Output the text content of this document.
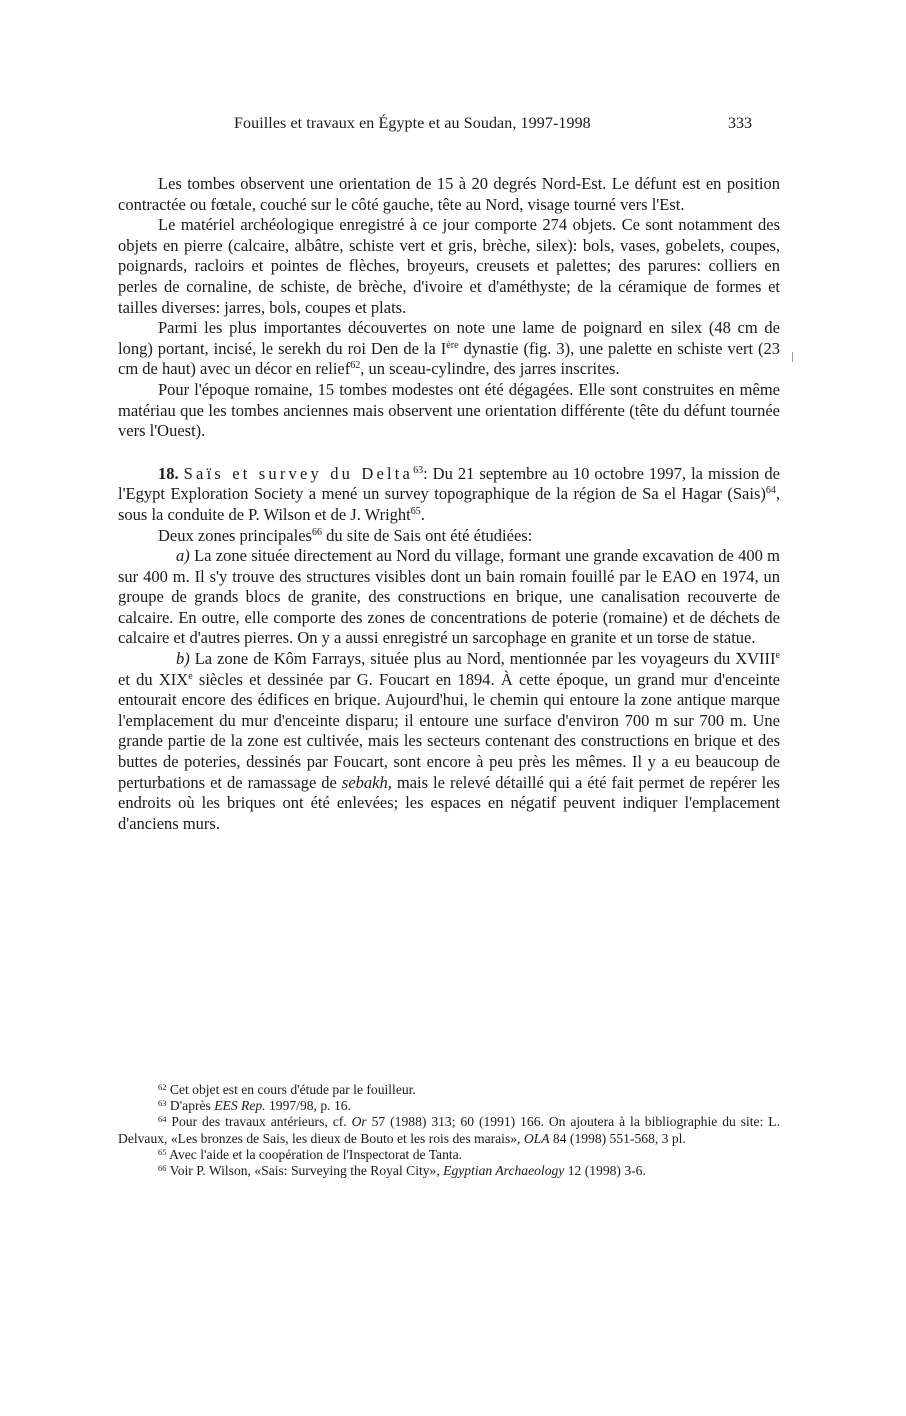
Fouilles et travaux en Égypte et au Soudan, 1997-1998	333

Les tombes observent une orientation de 15 à 20 degrés Nord-Est. Le défunt est en position contractée ou fœtale, couché sur le côté gauche, tête au Nord, visage tourné vers l'Est.

Le matériel archéologique enregistré à ce jour comporte 274 objets. Ce sont notamment des objets en pierre (calcaire, albâtre, schiste vert et gris, brèche, silex): bols, vases, gobelets, coupes, poignards, racloirs et pointes de flèches, broyeurs, creusets et palettes; des parures: colliers en perles de cornaline, de schiste, de brèche, d'ivoire et d'améthyste; de la céramique de formes et tailles diverses: jarres, bols, coupes et plats.

Parmi les plus importantes découvertes on note une lame de poignard en silex (48 cm de long) portant, incisé, le serekh du roi Den de la Ière dynastie (fig. 3), une palette en schiste vert (23 cm de haut) avec un décor en relief$^{62}$, un sceau-cylindre, des jarres inscrites.

Pour l'époque romaine, 15 tombes modestes ont été dégagées. Elle sont construites en même matériau que les tombes anciennes mais observent une orientation différente (tête du défunt tournée vers l'Ouest).

18. Saïs et survey du Delta$^{63}$: Du 21 septembre au 10 octobre 1997, la mission de l'Egypt Exploration Society a mené un survey topographique de la région de Sa el Hagar (Sais)$^{64}$, sous la conduite de P. Wilson et de J. Wright$^{65}$.

Deux zones principales$^{66}$ du site de Sais ont été étudiées:

a) La zone située directement au Nord du village, formant une grande excavation de 400 m sur 400 m. Il s'y trouve des structures visibles dont un bain romain fouillé par le EAO en 1974, un groupe de grands blocs de granite, des constructions en brique, une canalisation recouverte de calcaire. En outre, elle comporte des zones de concentrations de poterie (romaine) et de déchets de calcaire et d'autres pierres. On y a aussi enregistré un sarcophage en granite et un torse de statue.

b) La zone de Kôm Farrays, située plus au Nord, mentionnée par les voyageurs du XVIIIe et du XIXe siècles et dessinée par G. Foucart en 1894. À cette époque, un grand mur d'enceinte entourait encore des édifices en brique. Aujourd'hui, le chemin qui entoure la zone antique marque l'emplacement du mur d'enceinte disparu; il entoure une surface d'environ 700 m sur 700 m. Une grande partie de la zone est cultivée, mais les secteurs contenant des constructions en brique et des buttes de poteries, dessinés par Foucart, sont encore à peu près les mêmes. Il y a eu beaucoup de perturbations et de ramassage de sebakh, mais le relevé détaillé qui a été fait permet de repérer les endroits où les briques ont été enlevées; les espaces en négatif peuvent indiquer l'emplacement d'anciens murs.

$^{62}$ Cet objet est en cours d'étude par le fouilleur.

$^{63}$ D'après EES Rep. 1997/98, p. 16.

$^{64}$ Pour des travaux antérieurs, cf. Or 57 (1988) 313; 60 (1991) 166. On ajoutera à la bibliographie du site: L. Delvaux, «Les bronzes de Sais, les dieux de Bouto et les rois des marais», OLA 84 (1998) 551-568, 3 pl.

$^{65}$ Avec l'aide et la coopération de l'Inspectorat de Tanta.

$^{66}$ Voir P. Wilson, «Sais: Surveying the Royal City», Egyptian Archaeology 12 (1998) 3-6.
